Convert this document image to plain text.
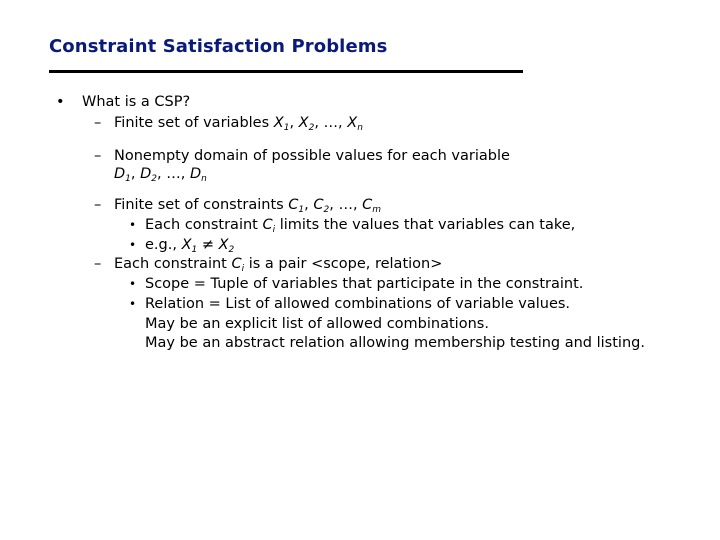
Constraint Satisfaction Problems
• What is a CSP?
– Finite set of variables $X_1$, $X_2$, …, $X_n$
– Nonempty domain of possible values for each variable
$D_1$, $D_2$, …, $D_n$
– Finite set of constraints $C_1$, $C_2$, …, $C_m$
• Each constraint $C_i$ limits the values that variables can take,
• e.g., $X_1 \ne X_2$
– Each constraint $C_i$ is a pair <scope, relation>
• Scope = Tuple of variables that participate in the constraint.
• Relation = List of allowed combinations of variable values.
May be an explicit list of allowed combinations.
May be an abstract relation allowing membership testing and listing.
